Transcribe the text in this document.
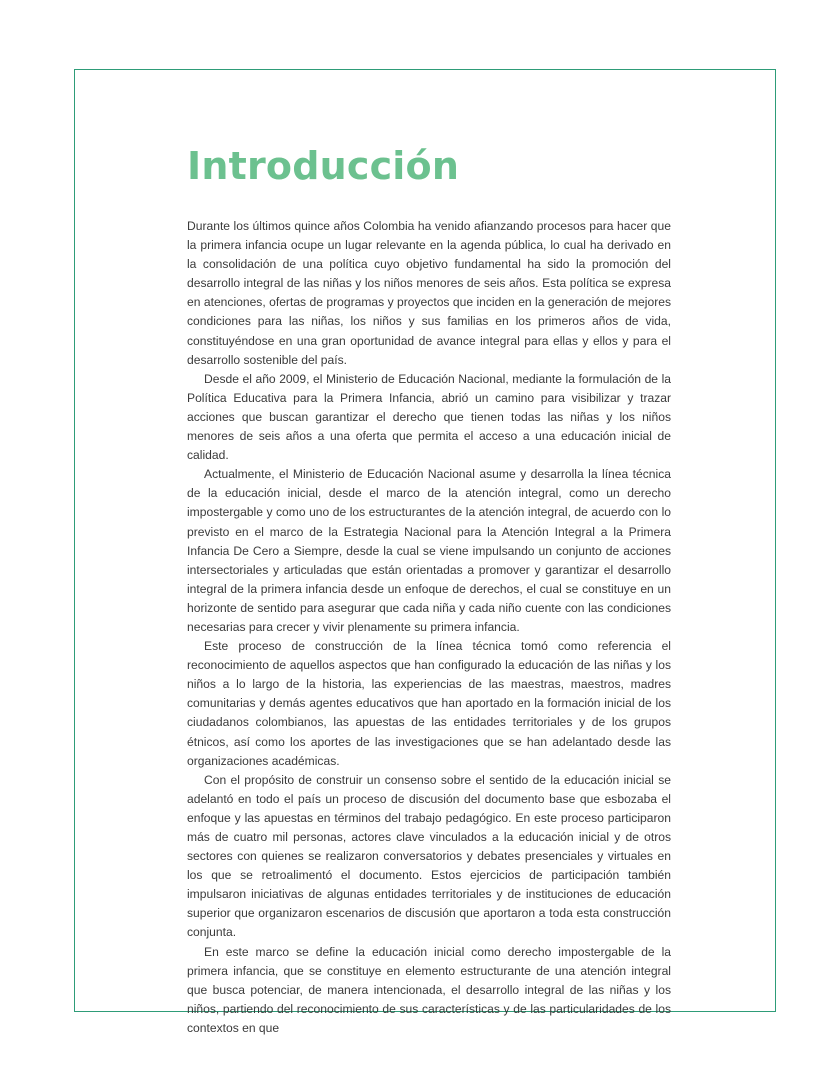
Introducción

Durante los últimos quince años Colombia ha venido afianzando procesos para hacer que la primera infancia ocupe un lugar relevante en la agenda pública, lo cual ha derivado en la consolidación de una política cuyo objetivo fundamental ha sido la promoción del desarrollo integral de las niñas y los niños menores de seis años. Esta política se expresa en atenciones, ofertas de programas y proyectos que inciden en la generación de mejores condiciones para las niñas, los niños y sus familias en los primeros años de vida, constituyéndose en una gran oportunidad de avance integral para ellas y ellos y para el desarrollo sostenible del país.

Desde el año 2009, el Ministerio de Educación Nacional, mediante la formulación de la Política Educativa para la Primera Infancia, abrió un camino para visibilizar y trazar acciones que buscan garantizar el derecho que tienen todas las niñas y los niños menores de seis años a una oferta que permita el acceso a una educación inicial de calidad.

Actualmente, el Ministerio de Educación Nacional asume y desarrolla la línea técnica de la educación inicial, desde el marco de la atención integral, como un derecho impostergable y como uno de los estructurantes de la atención integral, de acuerdo con lo previsto en el marco de la Estrategia Nacional para la Atención Integral a la Primera Infancia De Cero a Siempre, desde la cual se viene impulsando un conjunto de acciones intersectoriales y articuladas que están orientadas a promover y garantizar el desarrollo integral de la primera infancia desde un enfoque de derechos, el cual se constituye en un horizonte de sentido para asegurar que cada niña y cada niño cuente con las condiciones necesarias para crecer y vivir plenamente su primera infancia.

Este proceso de construcción de la línea técnica tomó como referencia el reconocimiento de aquellos aspectos que han configurado la educación de las niñas y los niños a lo largo de la historia, las experiencias de las maestras, maestros, madres comunitarias y demás agentes educativos que han aportado en la formación inicial de los ciudadanos colombianos, las apuestas de las entidades territoriales y de los grupos étnicos, así como los aportes de las investigaciones que se han adelantado desde las organizaciones académicas.

Con el propósito de construir un consenso sobre el sentido de la educación inicial se adelantó en todo el país un proceso de discusión del documento base que esbozaba el enfoque y las apuestas en términos del trabajo pedagógico. En este proceso participaron más de cuatro mil personas, actores clave vinculados a la educación inicial y de otros sectores con quienes se realizaron conversatorios y debates presenciales y virtuales en los que se retroalimentó el documento. Estos ejercicios de participación también impulsaron iniciativas de algunas entidades territoriales y de instituciones de educación superior que organizaron escenarios de discusión que aportaron a toda esta construcción conjunta.

En este marco se define la educación inicial como derecho impostergable de la primera infancia, que se constituye en elemento estructurante de una atención integral que busca potenciar, de manera intencionada, el desarrollo integral de las niñas y los niños, partiendo del reconocimiento de sus características y de las particularidades de los contextos en que
